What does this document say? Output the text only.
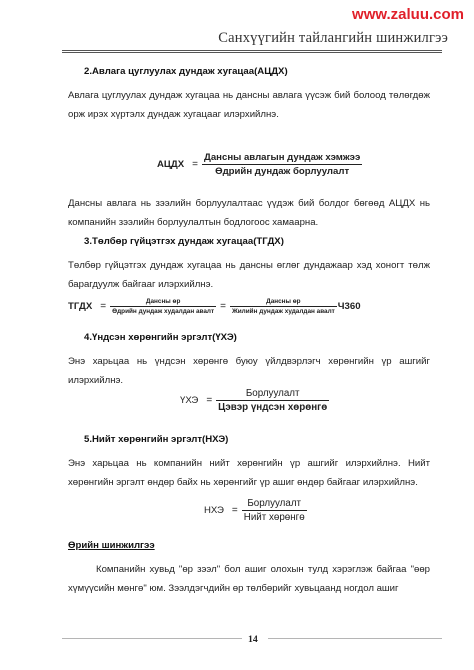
www.zaluu.com
Санхүүгийн тайлангийн шинжилгээ
2.Авлага цуглуулах дундаж хугацаа(АЦДХ)
Авлага цуглуулах дундаж хугацаа нь дансны авлага үүсэж бий болоод төлөгдөж орж ирэх хүртэлх дундаж хугацааг илэрхийлнэ.
АЦДХ = $\frac{\text{Дансны авлагын дундаж хэмжээ}}{\text{Өдрийн дундаж борлуулалт}}$
Дансны авлага нь зээлийн борлуулалтаас үүдэж бий болдог бөгөөд АЦДХ нь компанийн зээлийн борлуулалтын бодлогоос хамаарна.
3.Төлбөр гүйцэтгэх дундаж хугацаа(ТГДХ)
Төлбөр гүйцэтгэх дундаж хугацаа нь дансны өглөг дундажаар хэд хоногт төлж барагдуулж байгааг илэрхийлнэ.
ТГДХ = $\frac{\text{Дансны өр}}{\text{Өдрийн дундаж худалдан авалт}} = \frac{\text{Дансны өр}}{\text{Жилийн дундаж худалдан авалт}} Ч360$
4.Үндсэн хөрөнгийн эргэлт(ҮХЭ)
Энэ харьцаа нь үндсэн хөрөнгө буюу үйлдвэрлэгч хөрөнгийн үр ашгийг илэрхийлнэ.
ҮХЭ = $\frac{\text{Борлуулалт}}{\text{Цэвэр үндсэн хөрөнгө}}$
5.Нийт хөрөнгийн эргэлт(НХЭ)
Энэ харьцаа нь компанийн нийт хөрөнгийн үр ашгийг илэрхийлнэ. Нийт хөрөнгийн эргэлт өндөр байх нь хөрөнгийг үр ашиг өндөр байгааг илэрхийлнэ.
НХЭ = $\frac{\text{Борлуулалт}}{\text{Нийт хөрөнгө}}$
Өрийн шинжилгээ
Компанийн хувьд "өр зээл" бол ашиг олохын тулд хэрэглэж байгаа "өөр хүмүүсийн мөнгө" юм. Зээлдэгчдийн өр төлбөрийг хувьцаанд ногдол ашиг
14
